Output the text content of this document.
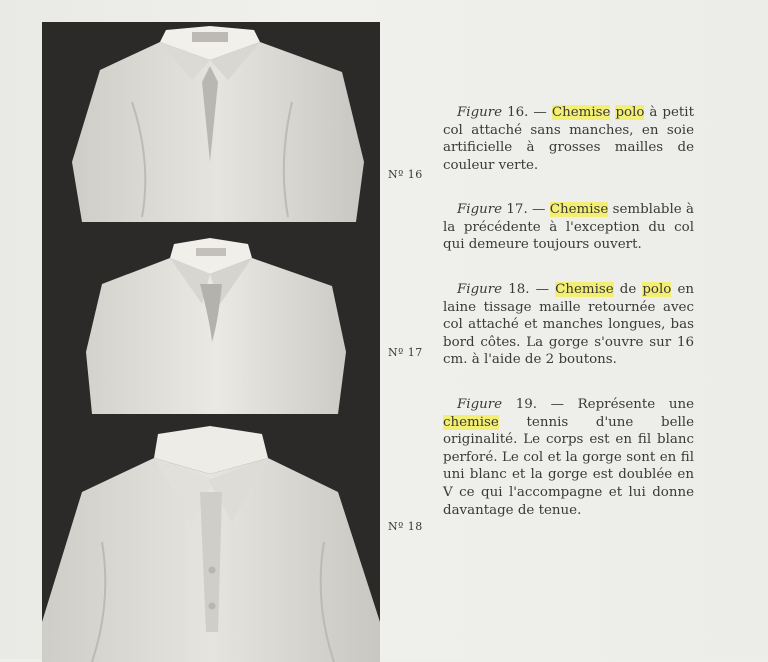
Nº 16
Nº 17
Nº 18

Figure 16. — Chemise polo à petit col attaché sans manches, en soie artificielle à grosses mailles de couleur verte.

Figure 17. — Chemise semblable à la précédente à l'exception du col qui demeure toujours ouvert.

Figure 18. — Chemise de polo en laine tissage maille retournée avec col attaché et manches longues, bas bord côtes. La gorge s'ouvre sur 16 cm. à l'aide de 2 boutons.

Figure 19. — Représente une chemise tennis d'une belle originalité. Le corps est en fil blanc perforé. Le col et la gorge sont en fil uni blanc et la gorge est doublée en V ce qui l'accompagne et lui donne davantage de tenue.
